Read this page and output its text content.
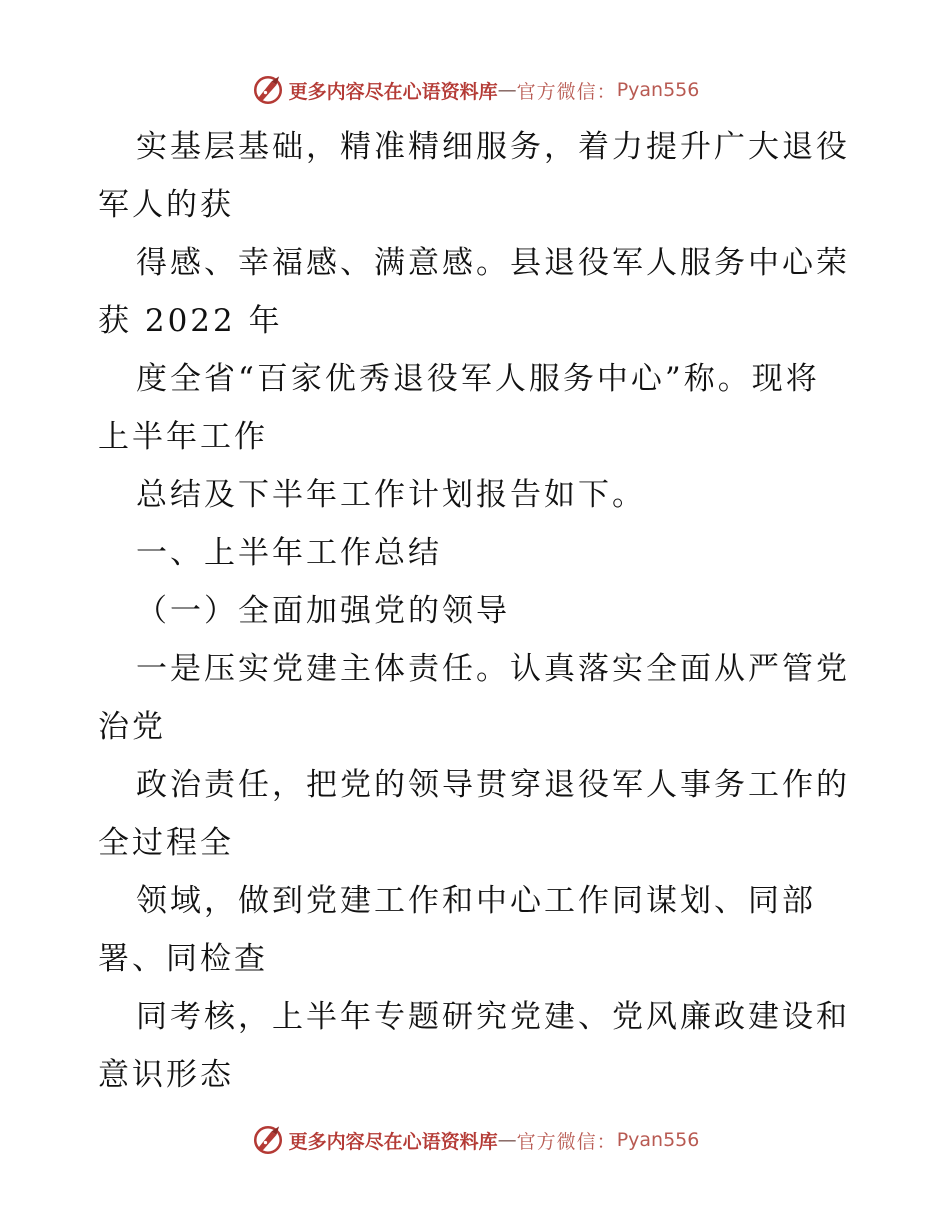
更多内容尽在心语资料库 — 官方微信： Pyan556
实基层基础，精准精细服务，着力提升广大退役
军人的获
得感、幸福感、满意感。县退役军人服务中心荣
获 2022 年
度全省“百家优秀退役军人服务中心”称。现将
上半年工作
总结及下半年工作计划报告如下。
一、上半年工作总结
（一）全面加强党的领导
一是压实党建主体责任。认真落实全面从严管党
治党
政治责任，把党的领导贯穿退役军人事务工作的
全过程全
领域，做到党建工作和中心工作同谋划、同部
署、同检查
同考核，上半年专题研究党建、党风廉政建设和
意识形态
更多内容尽在心语资料库 — 官方微信： Pyan556
